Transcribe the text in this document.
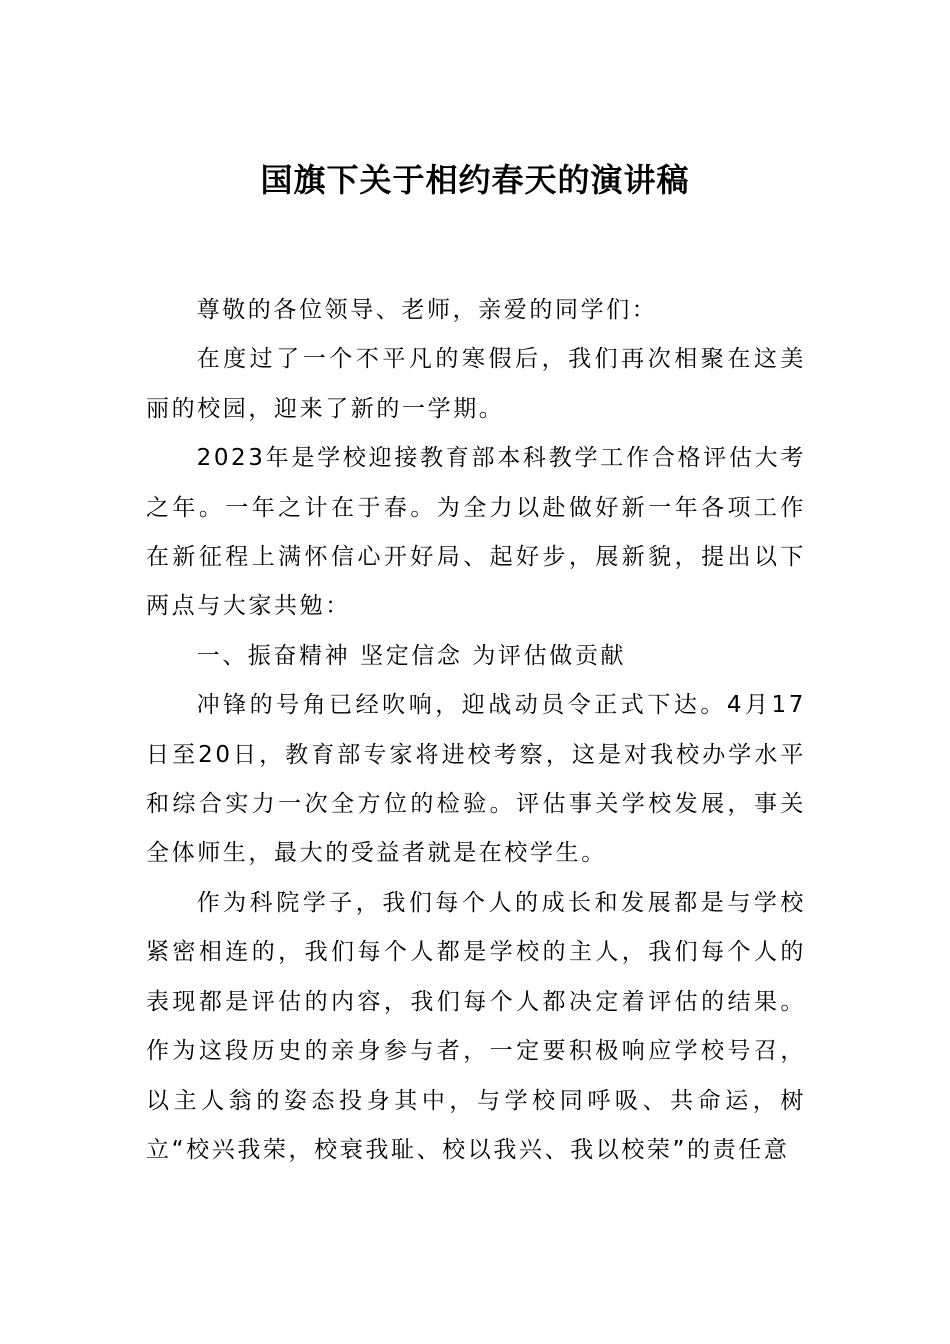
国旗下关于相约春天的演讲稿

尊敬的各位领导、老师，亲爱的同学们：

在度过了一个不平凡的寒假后，我们再次相聚在这美丽的校园，迎来了新的一学期。

2023年是学校迎接教育部本科教学工作合格评估大考之年。一年之计在于春。为全力以赴做好新一年各项工作在新征程上满怀信心开好局、起好步，展新貌，提出以下两点与大家共勉：

一、振奋精神 坚定信念 为评估做贡献

冲锋的号角已经吹响，迎战动员令正式下达。4月17日至20日，教育部专家将进校考察，这是对我校办学水平和综合实力一次全方位的检验。评估事关学校发展，事关全体师生，最大的受益者就是在校学生。

作为科院学子，我们每个人的成长和发展都是与学校紧密相连的，我们每个人都是学校的主人，我们每个人的表现都是评估的内容，我们每个人都决定着评估的结果。作为这段历史的亲身参与者，一定要积极响应学校号召，以主人翁的姿态投身其中，与学校同呼吸、共命运，树立“校兴我荣，校衰我耻、校以我兴、我以校荣”的责任意
